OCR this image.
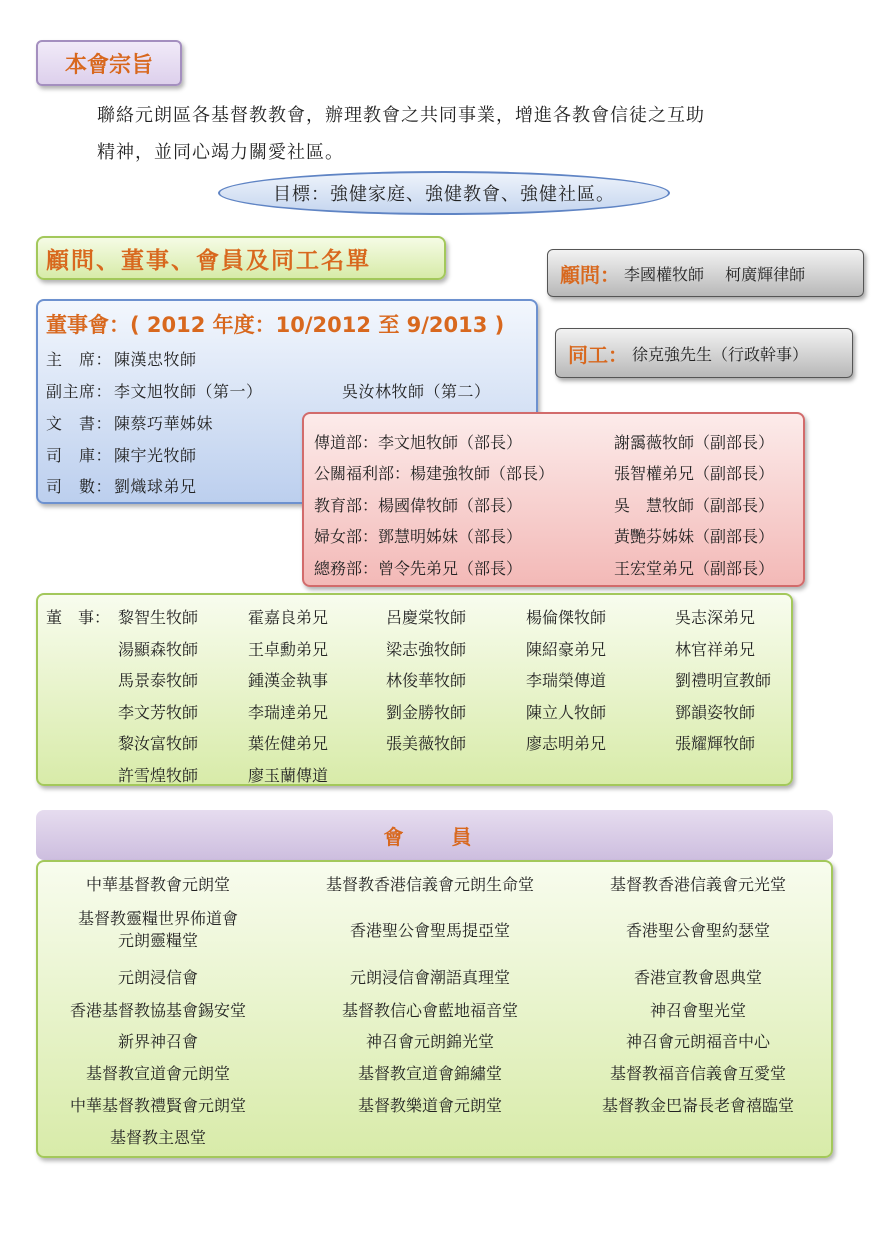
本會宗旨
聯絡元朗區各基督教教會，辦理教會之共同事業，增進各教會信徒之互助
精神，並同心竭力關愛社區。
目標：強健家庭、強健教會、強健社區。
顧問、董事、會員及同工名單
顧問： 李國權牧師　 柯廣輝律師
同工： 徐克強先生（行政幹事）
董事會：( 2012 年度：10/2012 至 9/2013 )
主　席： 陳漢忠牧師
副主席： 李文旭牧師（第一）	吳汝林牧師（第二）
文　書： 陳蔡巧華姊妹
司　庫： 陳宇光牧師
司　數： 劉熾球弟兄
傳道部：李文旭牧師（部長）	謝靄薇牧師（副部長）
公關福利部：楊建強牧師（部長）	張智權弟兄（副部長）
教育部：楊國偉牧師（部長）	吳　慧牧師（副部長）
婦女部：鄧慧明姊妹（部長）	黃艷芬姊妹（副部長）
總務部：曾令先弟兄（部長）	王宏堂弟兄（副部長）
董　事： 黎智生牧師	霍嘉良弟兄	呂慶棠牧師	楊倫傑牧師	吳志深弟兄
湯顯森牧師	王卓勳弟兄	梁志強牧師	陳紹豪弟兄	林官祥弟兄
馬景泰牧師	鍾漢金執事	林俊華牧師	李瑞榮傳道	劉禮明宣教師
李文芳牧師	李瑞達弟兄	劉金勝牧師	陳立人牧師	鄧韻姿牧師
黎汝富牧師	葉佐健弟兄	張美薇牧師	廖志明弟兄	張耀輝牧師
許雪煌牧師	廖玉蘭傳道
會　員
中華基督教會元朗堂	基督教香港信義會元朗生命堂	基督教香港信義會元光堂
基督教靈糧世界佈道會
元朗靈糧堂
香港聖公會聖馬提亞堂	香港聖公會聖約瑟堂
元朗浸信會	元朗浸信會潮語真理堂	香港宣教會恩典堂
香港基督教協基會錫安堂	基督教信心會藍地福音堂	神召會聖光堂
新界神召會	神召會元朗錦光堂	神召會元朗福音中心
基督教宣道會元朗堂	基督教宣道會錦繡堂	基督教福音信義會互愛堂
中華基督教禮賢會元朗堂	基督教樂道會元朗堂	基督教金巴崙長老會禧臨堂
基督教主恩堂
